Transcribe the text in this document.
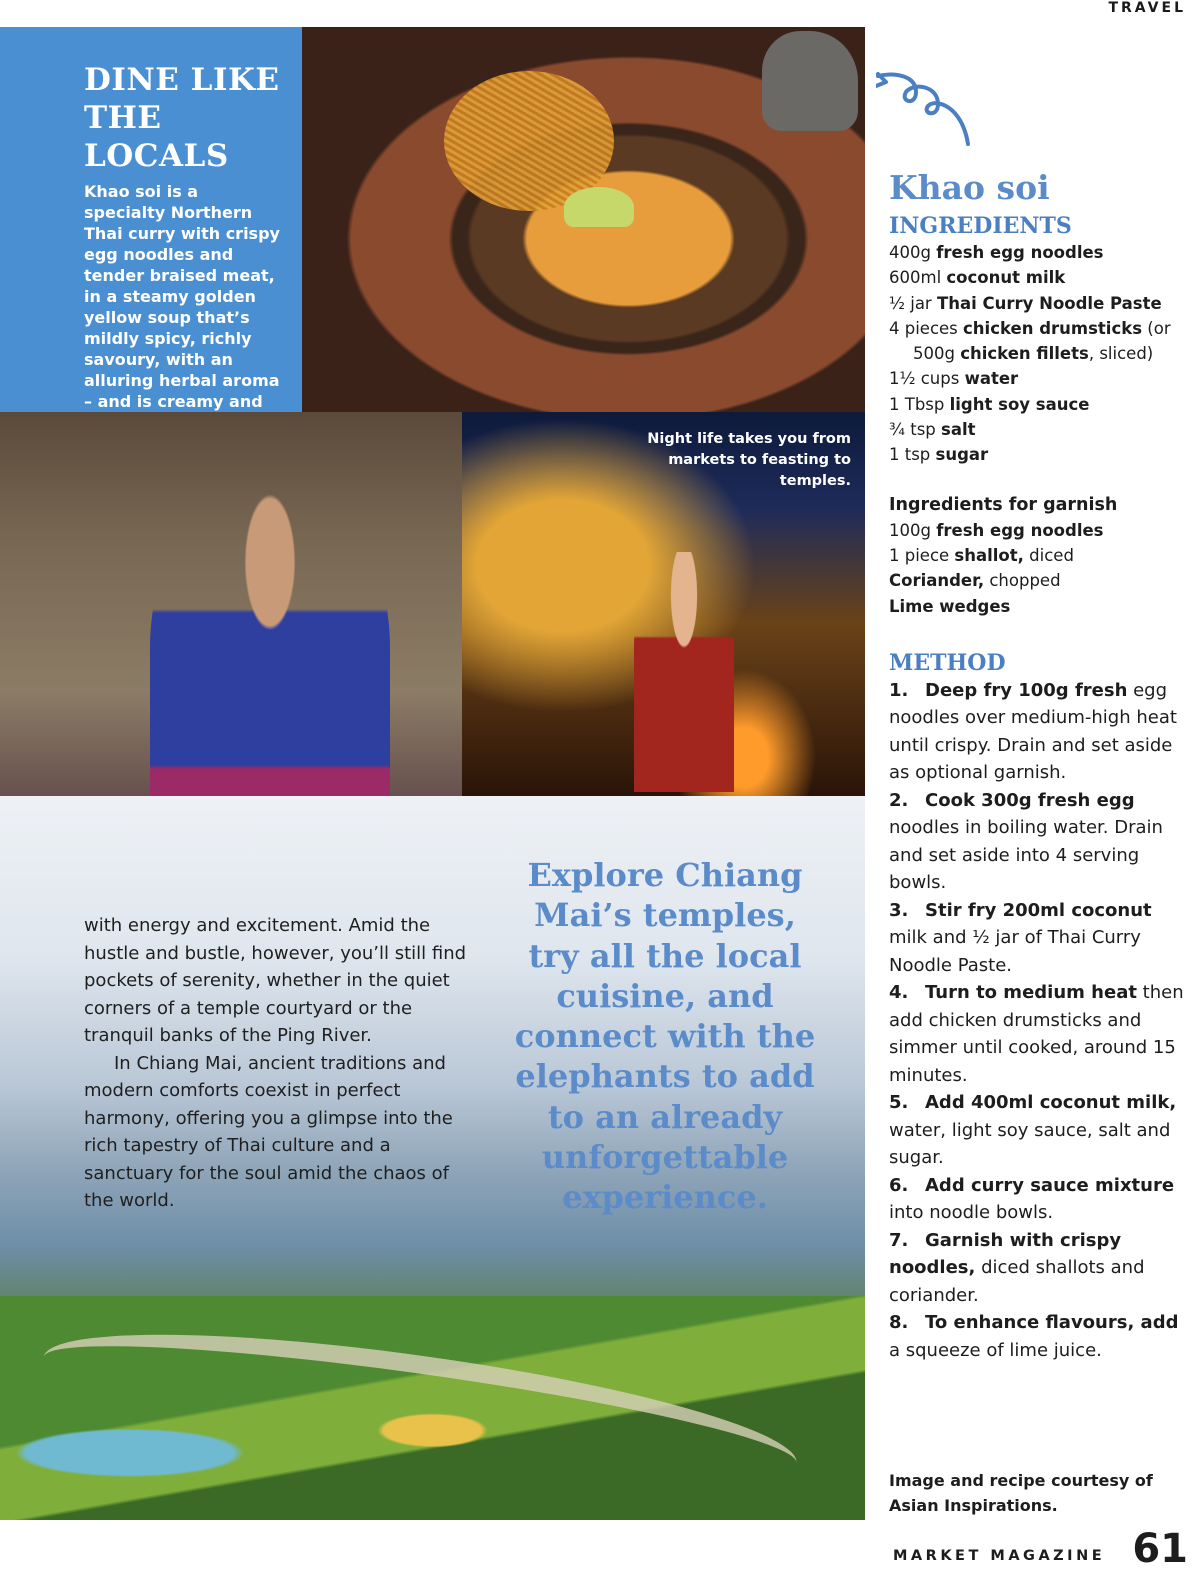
TRAVEL
DINE LIKE
THE LOCALS
Khao soi is a specialty Northern Thai curry with crispy egg noodles and tender braised meat, in a steamy golden yellow soup that’s mildly spicy, richly savoury, with an alluring herbal aroma – and is creamy and
Night life takes you from markets to feasting to temples.

with energy and excitement. Amid the hustle and bustle, however, you’ll still find pockets of serenity, whether in the quiet corners of a temple courtyard or the tranquil banks of the Ping River.

In Chiang Mai, ancient traditions and modern comforts coexist in perfect harmony, offering you a glimpse into the rich tapestry of Thai culture and a sanctuary for the soul amid the chaos of the world.

Explore Chiang Mai’s temples, try all the local cuisine, and connect with the elephants to add to an already unforgettable experience.
Khao soi
INGREDIENTS
400g fresh egg noodles
600ml coconut milk
½ jar Thai Curry Noodle Paste
4 pieces chicken drumsticks (or
500g chicken fillets, sliced)
1½ cups water
1 Tbsp light soy sauce
¾ tsp salt
1 tsp sugar
Ingredients for garnish
100g fresh egg noodles
1 piece shallot, diced
Coriander, chopped
Lime wedges
METHOD
1. Deep fry 100g fresh egg noodles over medium-high heat until crispy. Drain and set aside as optional garnish.
2. Cook 300g fresh egg noodles in boiling water. Drain and set aside into 4 serving bowls.
3. Stir fry 200ml coconut milk and ½ jar of Thai Curry Noodle Paste.
4. Turn to medium heat then add chicken drumsticks and simmer until cooked, around 15 minutes.
5. Add 400ml coconut milk, water, light soy sauce, salt and sugar.
6. Add curry sauce mixture into noodle bowls.
7. Garnish with crispy noodles, diced shallots and coriander.
8. To enhance flavours, add a squeeze of lime juice.
Image and recipe courtesy of Asian Inspirations.
MARKET MAGAZINE 61
